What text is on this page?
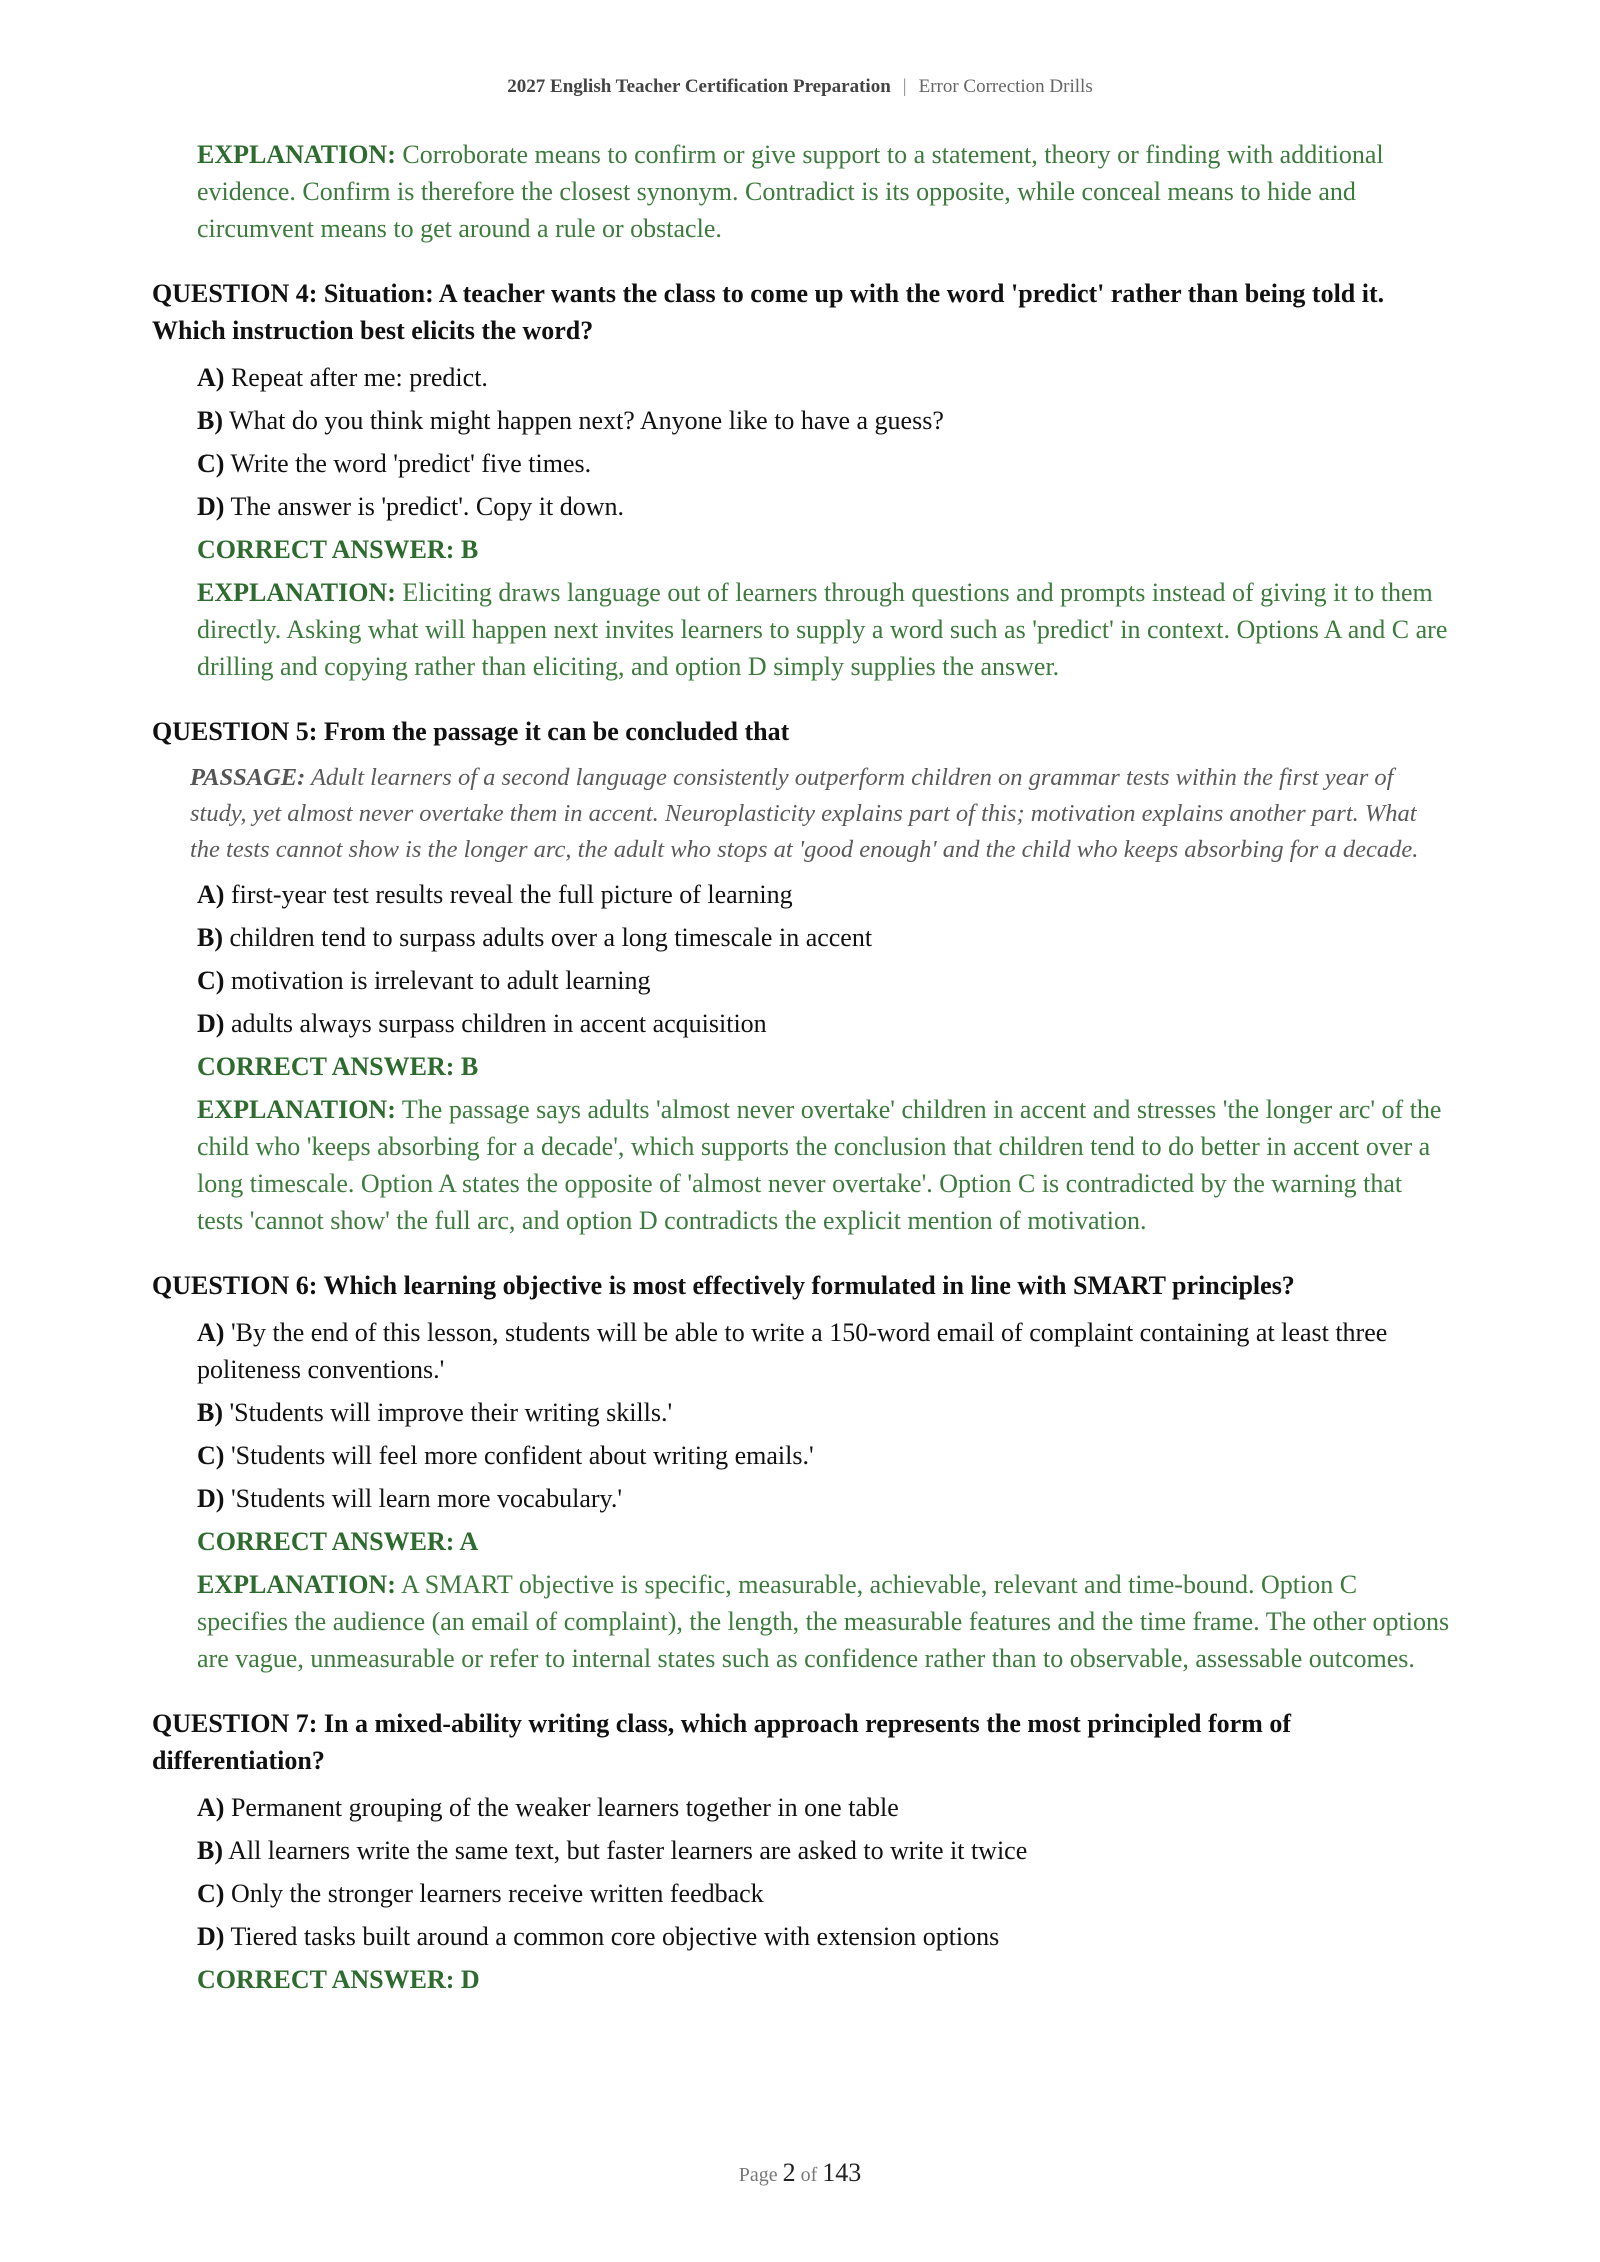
2027 English Teacher Certification Preparation | Error Correction Drills
EXPLANATION: Corroborate means to confirm or give support to a statement, theory or finding with additional evidence. Confirm is therefore the closest synonym. Contradict is its opposite, while conceal means to hide and circumvent means to get around a rule or obstacle.
QUESTION 4: Situation: A teacher wants the class to come up with the word 'predict' rather than being told it. Which instruction best elicits the word?
A) Repeat after me: predict.
B) What do you think might happen next? Anyone like to have a guess?
C) Write the word 'predict' five times.
D) The answer is 'predict'. Copy it down.
CORRECT ANSWER: B
EXPLANATION: Eliciting draws language out of learners through questions and prompts instead of giving it to them directly. Asking what will happen next invites learners to supply a word such as 'predict' in context. Options A and C are drilling and copying rather than eliciting, and option D simply supplies the answer.
QUESTION 5: From the passage it can be concluded that
PASSAGE: Adult learners of a second language consistently outperform children on grammar tests within the first year of study, yet almost never overtake them in accent. Neuroplasticity explains part of this; motivation explains another part. What the tests cannot show is the longer arc, the adult who stops at 'good enough' and the child who keeps absorbing for a decade.
A) first-year test results reveal the full picture of learning
B) children tend to surpass adults over a long timescale in accent
C) motivation is irrelevant to adult learning
D) adults always surpass children in accent acquisition
CORRECT ANSWER: B
EXPLANATION: The passage says adults 'almost never overtake' children in accent and stresses 'the longer arc' of the child who 'keeps absorbing for a decade', which supports the conclusion that children tend to do better in accent over a long timescale. Option A states the opposite of 'almost never overtake'. Option C is contradicted by the warning that tests 'cannot show' the full arc, and option D contradicts the explicit mention of motivation.
QUESTION 6: Which learning objective is most effectively formulated in line with SMART principles?
A) 'By the end of this lesson, students will be able to write a 150-word email of complaint containing at least three politeness conventions.'
B) 'Students will improve their writing skills.'
C) 'Students will feel more confident about writing emails.'
D) 'Students will learn more vocabulary.'
CORRECT ANSWER: A
EXPLANATION: A SMART objective is specific, measurable, achievable, relevant and time-bound. Option C specifies the audience (an email of complaint), the length, the measurable features and the time frame. The other options are vague, unmeasurable or refer to internal states such as confidence rather than to observable, assessable outcomes.
QUESTION 7: In a mixed-ability writing class, which approach represents the most principled form of differentiation?
A) Permanent grouping of the weaker learners together in one table
B) All learners write the same text, but faster learners are asked to write it twice
C) Only the stronger learners receive written feedback
D) Tiered tasks built around a common core objective with extension options
CORRECT ANSWER: D
Page 2 of 143
